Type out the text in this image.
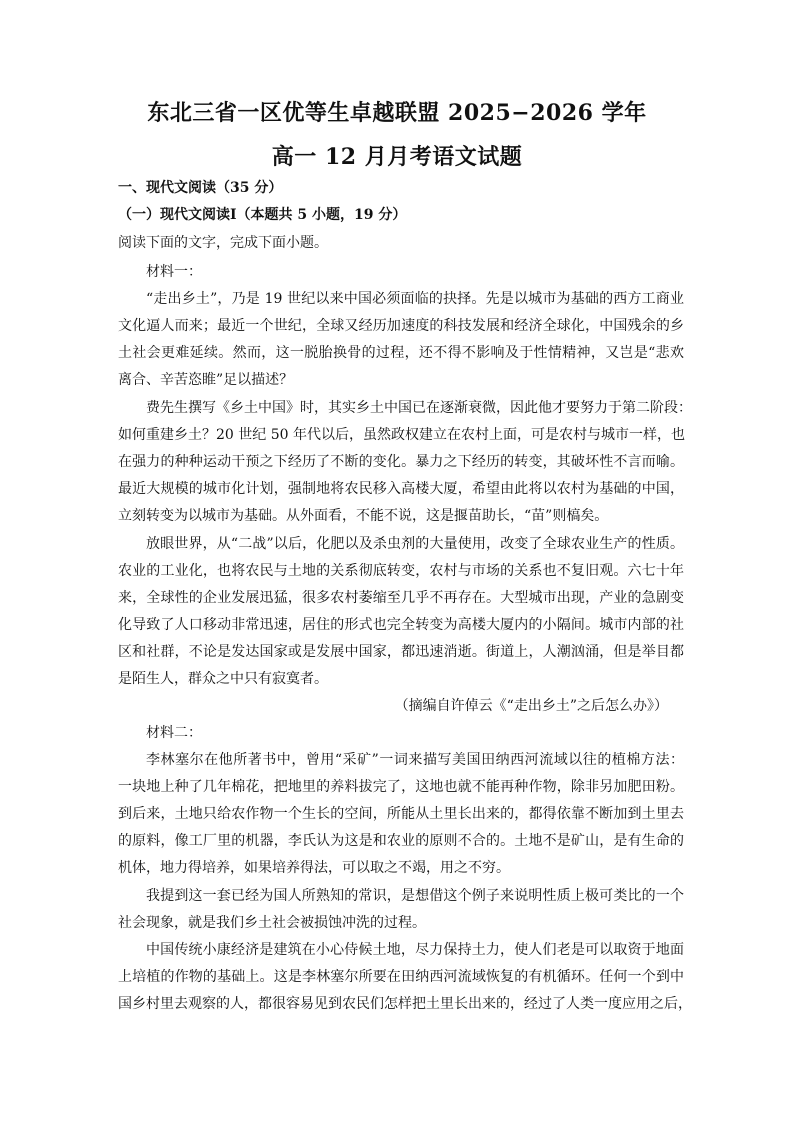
东北三省一区优等生卓越联盟 2025−2026 学年
高一 12 月月考语文试题

一、现代文阅读（35 分）

（一）现代文阅读Ⅰ（本题共 5 小题，19 分）

阅读下面的文字，完成下面小题。

材料一：

“走出乡土”，乃是 19 世纪以来中国必须面临的抉择。先是以城市为基础的西方工商业

文化逼人而来；最近一个世纪，全球又经历加速度的科技发展和经济全球化，中国残余的乡

土社会更难延续。然而，这一脱胎换骨的过程，还不得不影响及于性情精神，又岂是“悲欢

离合、辛苦恣睢”足以描述？

费先生撰写《乡土中国》时，其实乡土中国已在逐渐衰微，因此他才要努力于第二阶段：

如何重建乡土？20 世纪 50 年代以后，虽然政权建立在农村上面，可是农村与城市一样，也

在强力的种种运动干预之下经历了不断的变化。暴力之下经历的转变，其破坏性不言而喻。

最近大规模的城市化计划，强制地将农民移入高楼大厦，希望由此将以农村为基础的中国，

立刻转变为以城市为基础。从外面看，不能不说，这是揠苗助长，“苗”则槁矣。

放眼世界，从“二战”以后，化肥以及杀虫剂的大量使用，改变了全球农业生产的性质。

农业的工业化，也将农民与土地的关系彻底转变，农村与市场的关系也不复旧观。六七十年

来，全球性的企业发展迅猛，很多农村萎缩至几乎不再存在。大型城市出现，产业的急剧变

化导致了人口移动非常迅速，居住的形式也完全转变为高楼大厦内的小隔间。城市内部的社

区和社群，不论是发达国家或是发展中国家，都迅速消逝。街道上，人潮汹涌，但是举目都

是陌生人，群众之中只有寂寞者。

（摘编自许倬云《“走出乡土”之后怎么办》）

材料二：

李林塞尔在他所著书中，曾用“采矿”一词来描写美国田纳西河流域以往的植棉方法：

一块地上种了几年棉花，把地里的养料拔完了，这地也就不能再种作物，除非另加肥田粉。

到后来，土地只给农作物一个生长的空间，所能从土里长出来的，都得依靠不断加到土里去

的原料，像工厂里的机器，李氏认为这是和农业的原则不合的。土地不是矿山，是有生命的

机体，地力得培养，如果培养得法，可以取之不竭，用之不穷。

我提到这一套已经为国人所熟知的常识，是想借这个例子来说明性质上极可类比的一个

社会现象，就是我们乡土社会被损蚀冲洗的过程。

中国传统小康经济是建筑在小心侍候土地，尽力保持土力，使人们老是可以取资于地面

上培植的作物的基础上。这是李林塞尔所要在田纳西河流域恢复的有机循环。任何一个到中

国乡村里去观察的人，都很容易见到农民们怎样把土里长出来的，经过了人类一度应用之后，
